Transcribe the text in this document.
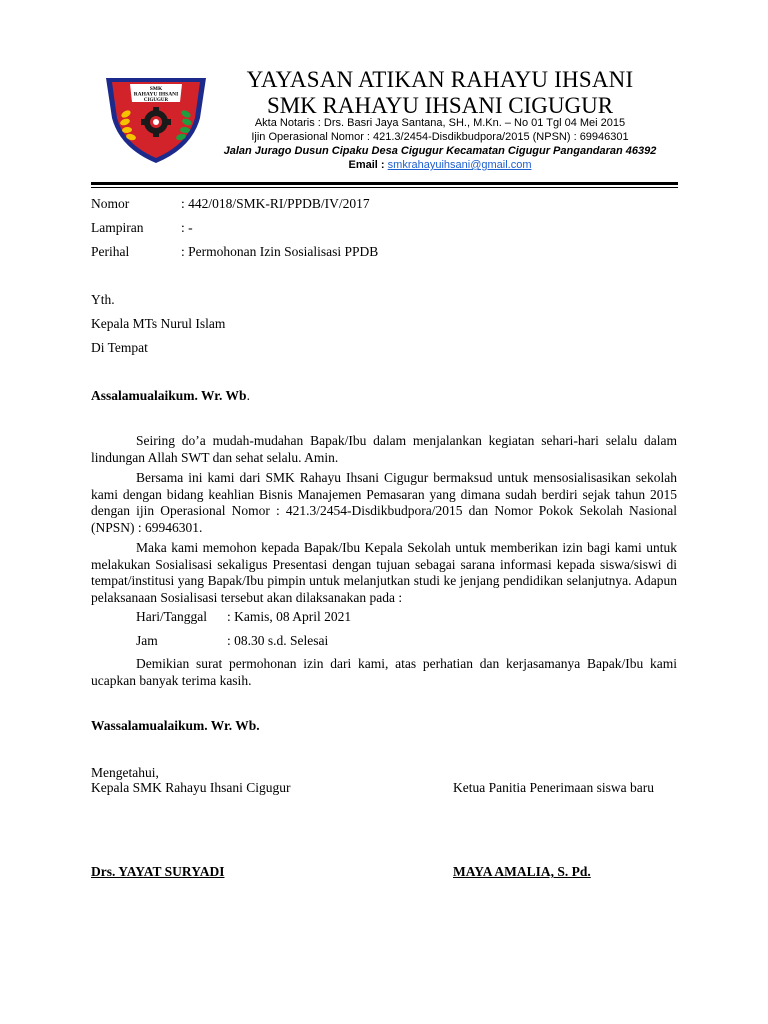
SMK
RAHAYU IHSANI
CIGUGUR
YAYASAN ATIKAN RAHAYU IHSANI
SMK RAHAYU IHSANI CIGUGUR
Akta Notaris : Drs. Basri Jaya Santana, SH., M.Kn. – No 01 Tgl 04 Mei 2015
Ijin Operasional Nomor : 421.3/2454-Disdikbudpora/2015 (NPSN) : 69946301
Jalan Jurago Dusun Cipaku Desa Cigugur Kecamatan Cigugur Pangandaran 46392
Email : smkrahayuihsani@gmail.com
Nomor	: 442/018/SMK-RI/PPDB/IV/2017
Lampiran	: -
Perihal	: Permohonan Izin Sosialisasi PPDB
Yth.
Kepala MTs Nurul Islam
Di Tempat
Assalamualaikum. Wr. Wb.
Seiring do’a mudah-mudahan Bapak/Ibu dalam menjalankan kegiatan sehari-hari selalu dalam lindungan Allah SWT dan sehat selalu. Amin.
Bersama ini kami dari SMK Rahayu Ihsani Cigugur bermaksud untuk mensosialisasikan sekolah kami dengan bidang keahlian Bisnis Manajemen Pemasaran yang dimana sudah berdiri sejak tahun 2015 dengan ijin Operasional Nomor : 421.3/2454-Disdikbudpora/2015 dan Nomor Pokok Sekolah Nasional (NPSN) : 69946301.
Maka kami memohon kepada Bapak/Ibu Kepala Sekolah untuk memberikan izin bagi kami untuk melakukan Sosialisasi sekaligus Presentasi dengan tujuan sebagai sarana informasi kepada siswa/siswi di tempat/institusi yang Bapak/Ibu pimpin untuk melanjutkan studi ke jenjang pendidikan selanjutnya. Adapun pelaksanaan Sosialisasi tersebut akan dilaksanakan pada :
Hari/Tanggal : Kamis, 08 April 2021
Jam	: 08.30 s.d. Selesai
Demikian surat permohonan izin dari kami, atas perhatian dan kerjasamanya Bapak/Ibu kami ucapkan banyak terima kasih.
Wassalamualaikum. Wr. Wb.
Mengetahui,
Kepala SMK Rahayu Ihsani Cigugur	Ketua Panitia Penerimaan siswa baru
Drs. YAYAT SURYADI	MAYA AMALIA, S. Pd.
